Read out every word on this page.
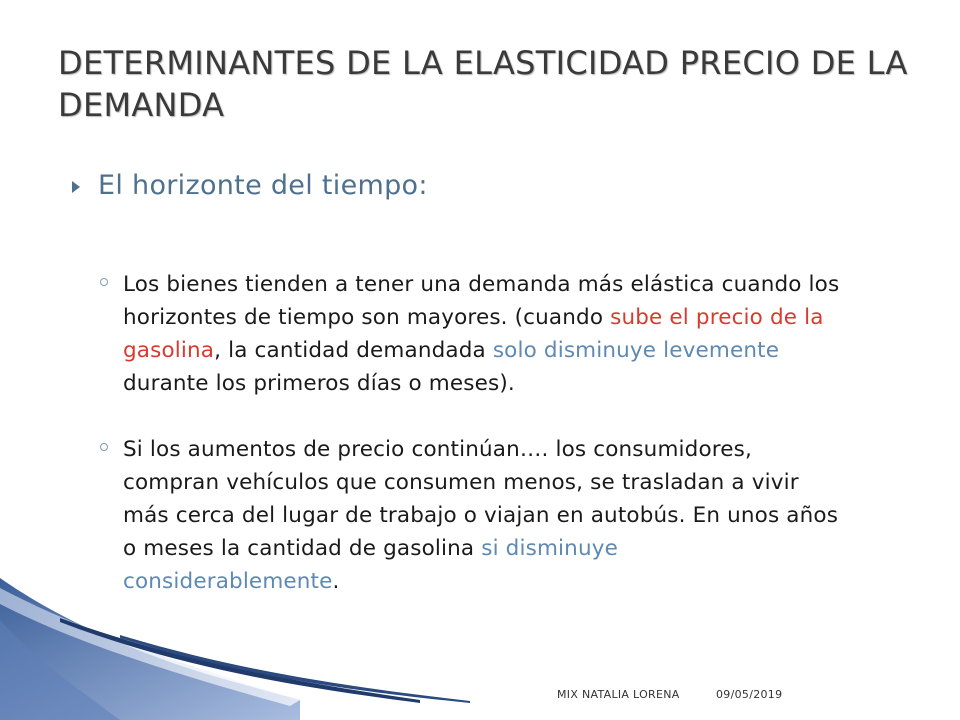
DETERMINANTES DE LA ELASTICIDAD PRECIO DE LA DEMANDA
El horizonte del tiempo:
Los bienes tienden a tener una demanda más elástica cuando los horizontes de tiempo son mayores. (cuando sube el precio de la gasolina, la cantidad demandada solo disminuye levemente durante los primeros días o meses).
Si los aumentos de precio continúan…. los consumidores, compran vehículos que consumen menos, se trasladan a vivir más cerca del lugar de trabajo o viajan en autobús. En unos años o meses la cantidad de gasolina si disminuye considerablemente.
MIX NATALIA LORENA	09/05/2019
